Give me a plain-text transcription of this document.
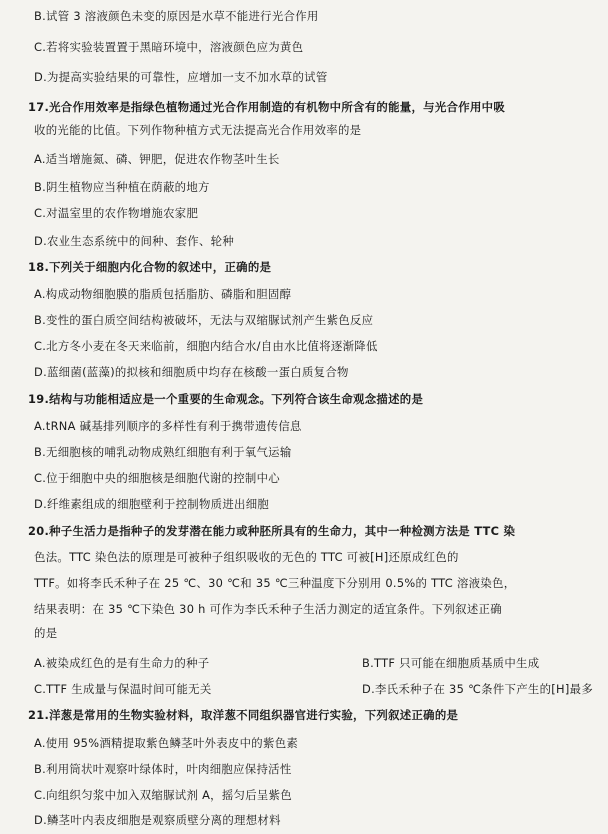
B.试管 3 溶液颜色未变的原因是水草不能进行光合作用
C.若将实验装置置于黑暗环境中，溶液颜色应为黄色
D.为提高实验结果的可靠性，应增加一支不加水草的试管
17.光合作用效率是指绿色植物通过光合作用制造的有机物中所含有的能量，与光合作用中吸
收的光能的比值。下列作物种植方式无法提高光合作用效率的是
A.适当增施氮、磷、钾肥，促进农作物茎叶生长
B.阴生植物应当种植在荫蔽的地方
C.对温室里的农作物增施农家肥
D.农业生态系统中的间种、套作、轮种
18.下列关于细胞内化合物的叙述中，正确的是
A.构成动物细胞膜的脂质包括脂肪、磷脂和胆固醇
B.变性的蛋白质空间结构被破坏，无法与双缩脲试剂产生紫色反应
C.北方冬小麦在冬天来临前，细胞内结合水/自由水比值将逐渐降低
D.蓝细菌(蓝藻)的拟核和细胞质中均存在核酸一蛋白质复合物
19.结构与功能相适应是一个重要的生命观念。下列符合该生命观念描述的是
A.tRNA 碱基排列顺序的多样性有利于携带遗传信息
B.无细胞核的哺乳动物成熟红细胞有利于氧气运输
C.位于细胞中央的细胞核是细胞代谢的控制中心
D.纤维素组成的细胞壁利于控制物质进出细胞
20.种子生活力是指种子的发芽潜在能力或种胚所具有的生命力，其中一种检测方法是 TTC 染
色法。TTC 染色法的原理是可被种子组织吸收的无色的 TTC 可被[H]还原成红色的
TTF。如将李氏禾种子在 25 ℃、30 ℃和 35 ℃三种温度下分别用 0.5%的 TTC 溶液染色，
结果表明：在 35 ℃下染色 30 h 可作为李氏禾种子生活力测定的适宜条件。下列叙述正确
的是
A.被染成红色的是有生命力的种子	B.TTF 只可能在细胞质基质中生成
C.TTF 生成量与保温时间可能无关	D.李氏禾种子在 35 ℃条件下产生的[H]最多
21.洋葱是常用的生物实验材料，取洋葱不同组织器官进行实验，下列叙述正确的是
A.使用 95%酒精提取紫色鳞茎叶外表皮中的紫色素
B.利用筒状叶观察叶绿体时，叶肉细胞应保持活性
C.向组织匀浆中加入双缩脲试剂 A，摇匀后呈紫色
D.鳞茎叶内表皮细胞是观察质壁分离的理想材料
